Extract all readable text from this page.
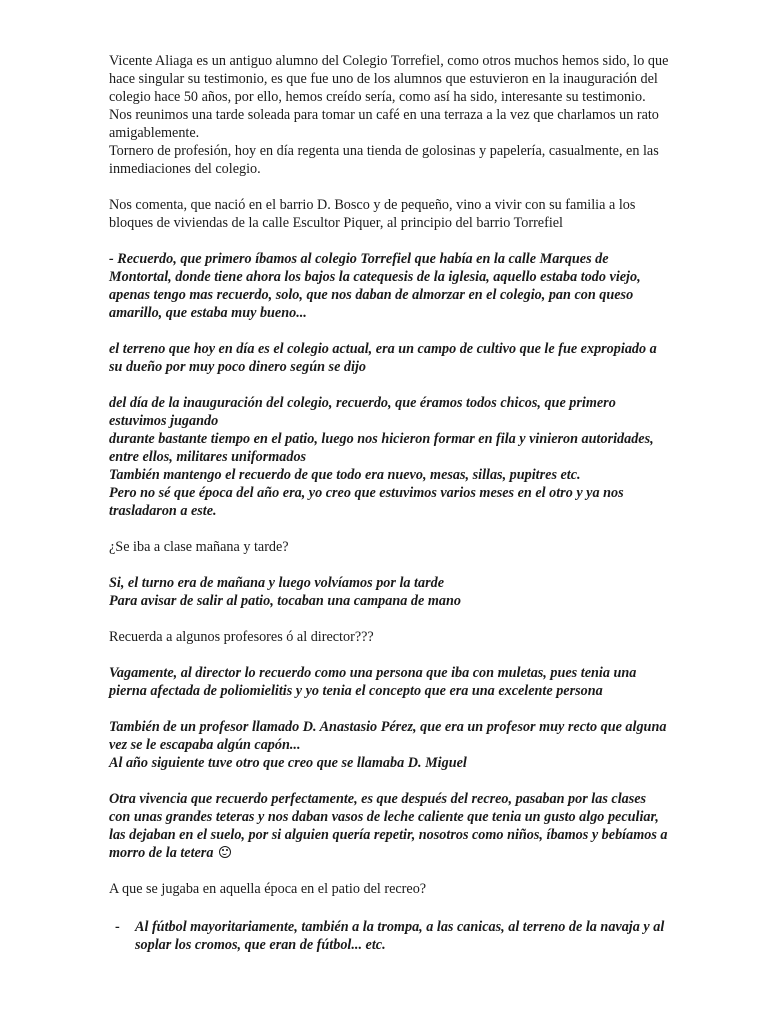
Vicente Aliaga es un antiguo alumno del Colegio Torrefiel, como otros muchos hemos sido, lo que hace singular su testimonio, es que fue uno de los alumnos que estuvieron en la inauguración del colegio hace 50 años, por ello, hemos creído sería, como así ha sido, interesante su testimonio.

Nos reunimos una tarde soleada para tomar un café en una terraza a la vez que charlamos un rato amigablemente.

Tornero de profesión, hoy en día regenta una tienda de golosinas y papelería, casualmente, en las inmediaciones del colegio.

Nos comenta, que nació en el barrio D. Bosco y de pequeño, vino a vivir con su familia a los bloques de viviendas de la calle Escultor Piquer, al principio del barrio Torrefiel

- Recuerdo, que primero íbamos al colegio Torrefiel que había en la calle Marques de Montortal, donde tiene ahora los bajos la catequesis de la iglesia, aquello estaba todo viejo, apenas tengo mas recuerdo, solo, que nos daban de almorzar en el colegio, pan con queso amarillo, que estaba muy bueno...

el terreno que hoy en día es el colegio actual, era un campo de cultivo que le fue expropiado a su dueño por muy poco dinero según se dijo

del día de la inauguración del colegio, recuerdo, que éramos todos chicos, que primero estuvimos jugando

durante bastante tiempo en el patio, luego nos hicieron formar en fila y vinieron autoridades, entre ellos, militares uniformados

También mantengo el recuerdo de que todo era nuevo, mesas, sillas, pupitres etc.

Pero no sé que época del año era, yo creo que estuvimos varios meses en el otro y ya nos trasladaron a este.

¿Se iba a clase mañana y tarde?

Si, el turno era de mañana y luego volvíamos por la tarde

Para avisar de salir al patio, tocaban una campana de mano

Recuerda a algunos profesores ó al director???

Vagamente, al director lo recuerdo como una persona que iba con muletas, pues tenia una pierna afectada de poliomielitis y yo tenia el concepto que era una excelente persona

También de un profesor llamado D. Anastasio Pérez, que era un profesor muy recto que alguna vez se le escapaba algún capón...

Al año siguiente tuve otro que creo que se llamaba D. Miguel

Otra vivencia que recuerdo perfectamente, es que después del recreo, pasaban por las clases con unas grandes teteras y nos daban vasos de leche caliente que tenia un gusto algo peculiar, las dejaban en el suelo, por si alguien quería repetir, nosotros como niños, íbamos y bebíamos a morro de la tetera

A que se jugaba en aquella época en el patio del recreo?

-	Al fútbol mayoritariamente, también a la trompa, a las canicas, al terreno de la navaja y al soplar los cromos, que eran de fútbol... etc.
